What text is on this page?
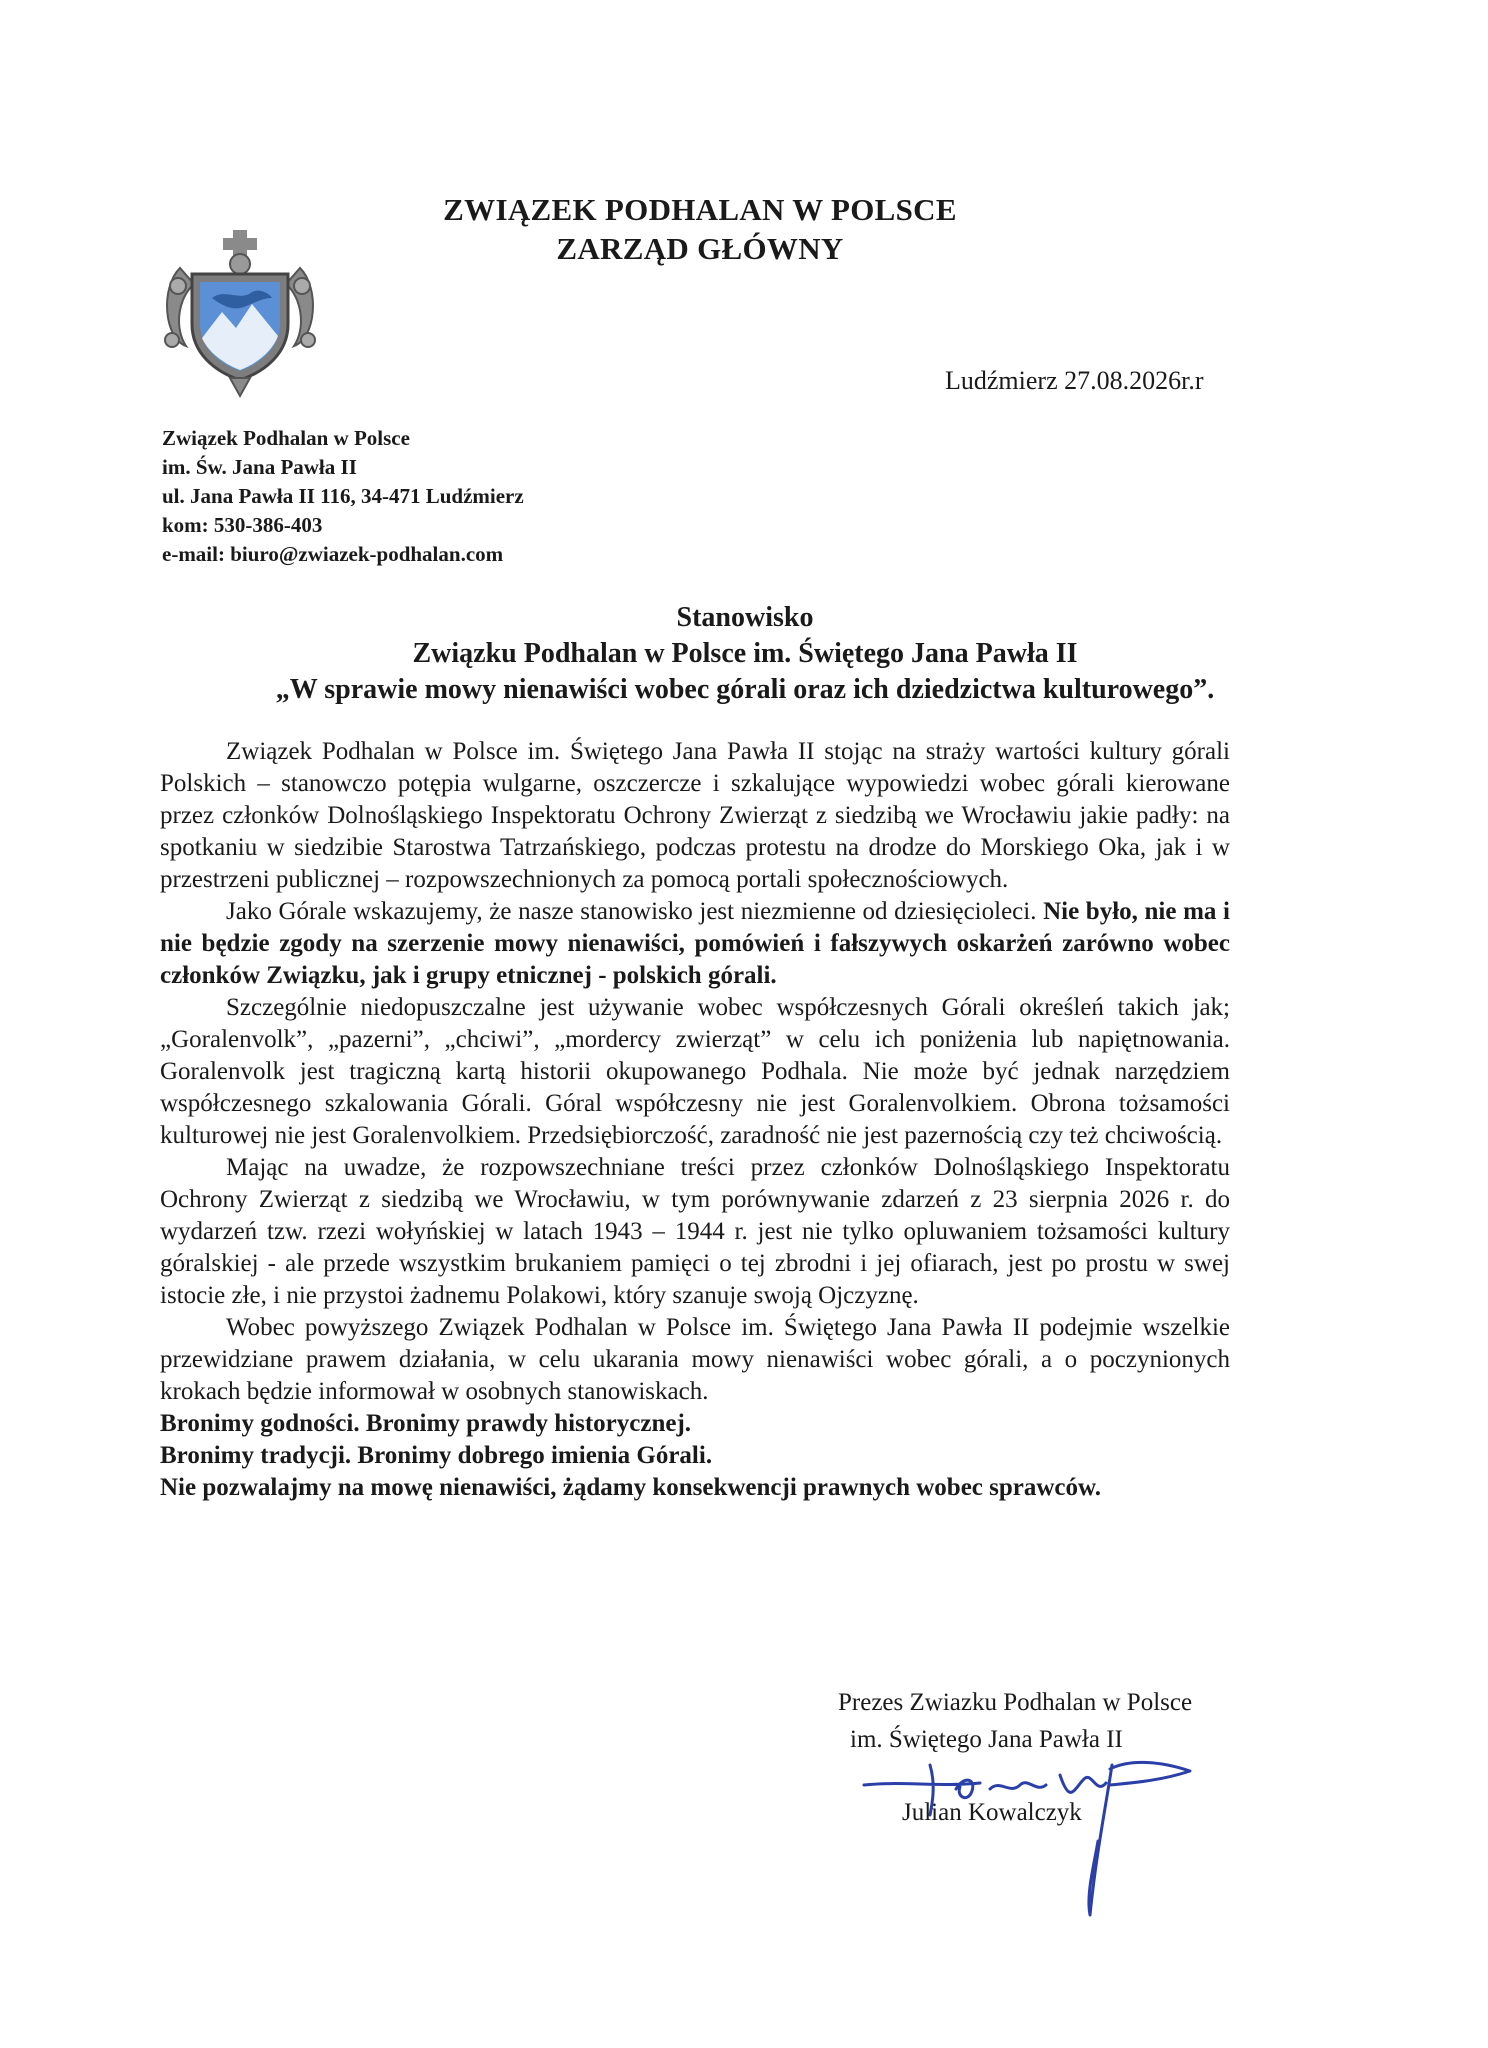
ZWIĄZEK PODHALAN W POLSCE
ZARZĄD GŁÓWNY
Ludźmierz 27.08.2026r.r
Związek Podhalan w Polsce
im. Św. Jana Pawła II
ul. Jana Pawła II 116, 34-471 Ludźmierz
kom: 530-386-403
e-mail: biuro@zwiazek-podhalan.com
Stanowisko
Związku Podhalan w Polsce im. Świętego Jana Pawła II
„W sprawie mowy nienawiści wobec górali oraz ich dziedzictwa kulturowego”.

Związek Podhalan w Polsce im. Świętego Jana Pawła II stojąc na straży wartości kultury górali Polskich – stanowczo potępia wulgarne, oszczercze i szkalujące wypowiedzi wobec górali kierowane przez członków Dolnośląskiego Inspektoratu Ochrony Zwierząt z siedzibą we Wrocławiu jakie padły: na spotkaniu w siedzibie Starostwa Tatrzańskiego, podczas protestu na drodze do Morskiego Oka, jak i w przestrzeni publicznej – rozpowszechnionych za pomocą portali społecznościowych.

Jako Górale wskazujemy, że nasze stanowisko jest niezmienne od dziesięcioleci. Nie było, nie ma i nie będzie zgody na szerzenie mowy nienawiści, pomówień i fałszywych oskarżeń zarówno wobec członków Związku, jak i grupy etnicznej - polskich górali.

Szczególnie niedopuszczalne jest używanie wobec współczesnych Górali określeń takich jak; „Goralenvolk”, „pazerni”, „chciwi”, „mordercy zwierząt” w celu ich poniżenia lub napiętnowania. Goralenvolk jest tragiczną kartą historii okupowanego Podhala. Nie może być jednak narzędziem współczesnego szkalowania Górali. Góral współczesny nie jest Goralenvolkiem. Obrona tożsamości kulturowej nie jest Goralenvolkiem. Przedsiębiorczość, zaradność nie jest pazernością czy też chciwością.

Mając na uwadze, że rozpowszechniane treści przez członków Dolnośląskiego Inspektoratu Ochrony Zwierząt z siedzibą we Wrocławiu, w tym porównywanie zdarzeń z 23 sierpnia 2026 r. do wydarzeń tzw. rzezi wołyńskiej w latach 1943 – 1944 r. jest nie tylko opluwaniem tożsamości kultury góralskiej - ale przede wszystkim brukaniem pamięci o tej zbrodni i jej ofiarach, jest po prostu w swej istocie złe, i nie przystoi żadnemu Polakowi, który szanuje swoją Ojczyznę.

Wobec powyższego Związek Podhalan w Polsce im. Świętego Jana Pawła II podejmie wszelkie przewidziane prawem działania, w celu ukarania mowy nienawiści wobec górali, a o poczynionych krokach będzie informował w osobnych stanowiskach.

Bronimy godności. Bronimy prawdy historycznej.
Bronimy tradycji. Bronimy dobrego imienia Górali.
Nie pozwalajmy na mowę nienawiści, żądamy konsekwencji prawnych wobec sprawców.
Prezes Zwiazku Podhalan w Polsce
im. Świętego Jana Pawła II
Julian Kowalczyk
